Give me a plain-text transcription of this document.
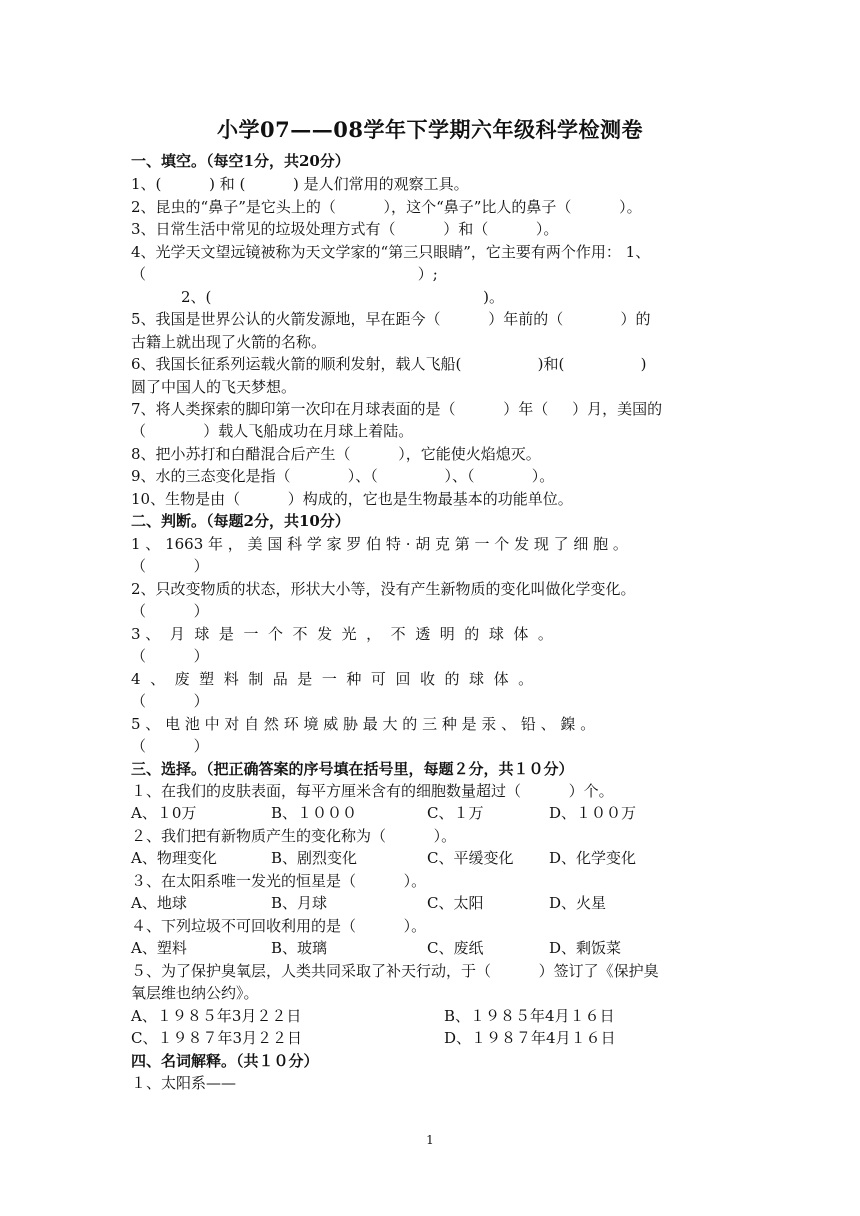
小学07——08学年下学期六年级科学检测卷
一、填空。（每空1分，共20分）
1、(          ) 和 (          ) 是人们常用的观察工具。
2、昆虫的“鼻子”是它头上的（          ），这个“鼻子”比人的鼻子（          ）。
3、日常生活中常见的垃圾处理方式有（          ）和（          ）。
4、光学天文望远镜被称为天文学家的“第三只眼睛”，它主要有两个作用： 1、
（                                                         ）;
2、(                                                         )。
5、我国是世界公认的火箭发源地，早在距今（          ）年前的（            ）的
古籍上就出现了火箭的名称。
6、我国长征系列运载火箭的顺利发射，载人飞船(                )和(                )
圆了中国人的飞天梦想。
7、将人类探索的脚印第一次印在月球表面的是（          ）年（     ）月，美国的
（            ）载人飞船成功在月球上着陆。
8、把小苏打和白醋混合后产生（          ），它能使火焰熄灭。
9、水的三态变化是指（            ）、（              ）、（            ）。
10、生物是由（          ）构成的，它也是生物最基本的功能单位。
二、判断。（每题2分，共10分）
1 、 1663 年 ， 美 国 科 学 家 罗 伯 特 · 胡 克 第 一 个 发 现 了 细 胞 。
（          ）
2、只改变物质的状态，形状大小等，没有产生新物质的变化叫做化学变化。
（          ）
3 、  月  球  是  一  个  不  发  光  ，  不  透  明  的  球  体  。
（          ）
4  、  废  塑  料  制  品  是  一  种  可  回  收  的  球  体  。
（          ）
5 、 电 池 中 对 自 然 环 境 威 胁 最 大 的 三 种 是 汞 、 铅 、 鎳 。
（          ）
三、选择。（把正确答案的序号填在括号里，每题２分，共１０分）
１、在我们的皮肤表面，每平方厘米含有的细胞数量超过（          ）个。
A、１0万	B、１０００	C、１万	D、１００万
２、我们把有新物质产生的变化称为（          ）。
A、物理变化	B、剧烈变化	C、平缓变化	D、化学变化
３、在太阳系唯一发光的恒星是（          ）。
A、地球	B、月球	C、太阳	D、火星
４、下列垃圾不可回收利用的是（          ）。
A、塑料	B、玻璃	C、废纸	D、剩饭菜
５、为了保护臭氧层，人类共同采取了补天行动，于（          ）签订了《保护臭
氧层维也纳公约》。
A、１９８５年3月２２日	B、１９８５年4月１６日
C、１９８７年3月２２日	D、１９８７年4月１６日
四、名词解释。（共１０分）
１、太阳系——
1
